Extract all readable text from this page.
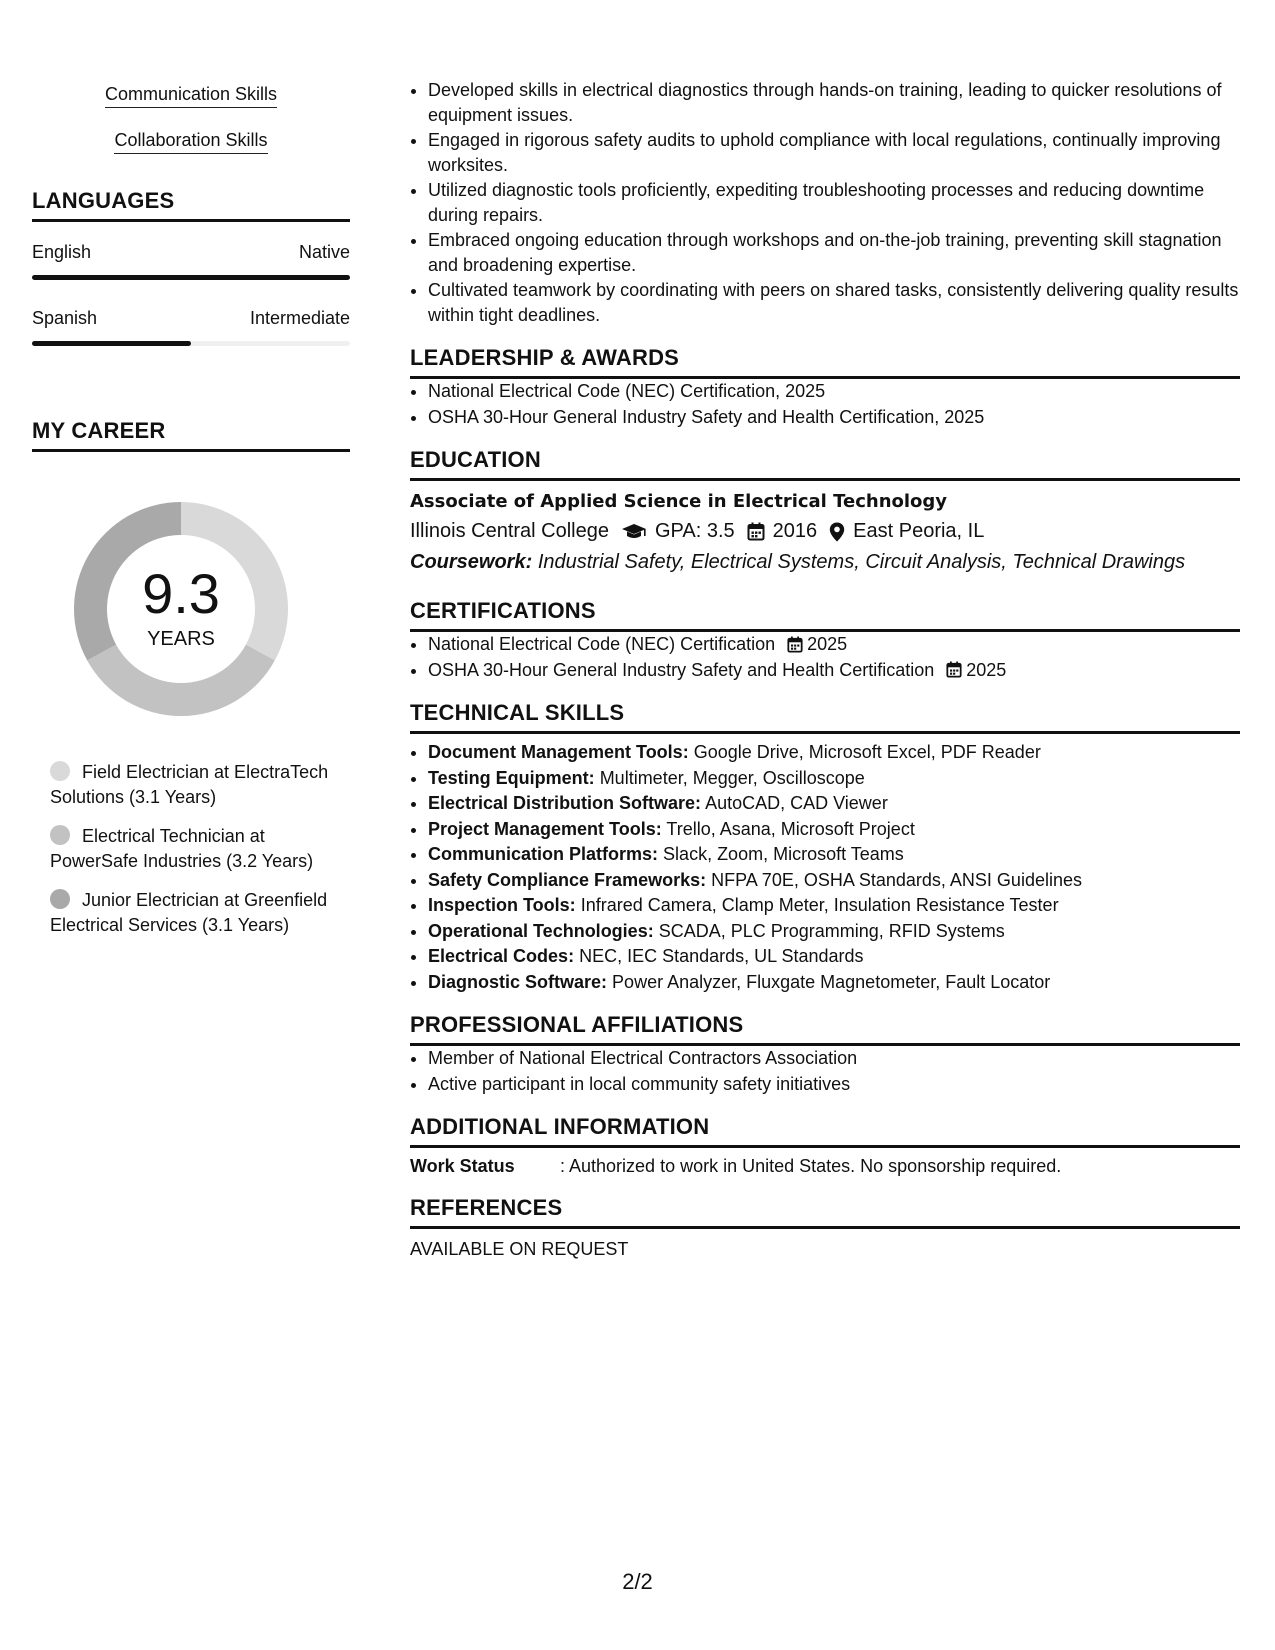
Communication Skills
Collaboration Skills
LANGUAGES
English	Native
Spanish	Intermediate
MY CAREER
9.3
YEARS
Field Electrician at ElectraTech Solutions (3.1 Years)
Electrical Technician at PowerSafe Industries (3.2 Years)
Junior Electrician at Greenfield Electrical Services (3.1 Years)
• Developed skills in electrical diagnostics through hands-on training, leading to quicker resolutions of equipment issues.
• Engaged in rigorous safety audits to uphold compliance with local regulations, continually improving worksites.
• Utilized diagnostic tools proficiently, expediting troubleshooting processes and reducing downtime during repairs.
• Embraced ongoing education through workshops and on-the-job training, preventing skill stagnation and broadening expertise.
• Cultivated teamwork by coordinating with peers on shared tasks, consistently delivering quality results within tight deadlines.
LEADERSHIP & AWARDS
• National Electrical Code (NEC) Certification, 2025
• OSHA 30-Hour General Industry Safety and Health Certification, 2025
EDUCATION
Associate of Applied Science in Electrical Technology
Illinois Central College GPA: 3.5 2016 East Peoria, IL
Coursework: Industrial Safety, Electrical Systems, Circuit Analysis, Technical Drawings
CERTIFICATIONS
• National Electrical Code (NEC) Certification 2025
• OSHA 30-Hour General Industry Safety and Health Certification 2025
TECHNICAL SKILLS
• Document Management Tools: Google Drive, Microsoft Excel, PDF Reader
• Testing Equipment: Multimeter, Megger, Oscilloscope
• Electrical Distribution Software: AutoCAD, CAD Viewer
• Project Management Tools: Trello, Asana, Microsoft Project
• Communication Platforms: Slack, Zoom, Microsoft Teams
• Safety Compliance Frameworks: NFPA 70E, OSHA Standards, ANSI Guidelines
• Inspection Tools: Infrared Camera, Clamp Meter, Insulation Resistance Tester
• Operational Technologies: SCADA, PLC Programming, RFID Systems
• Electrical Codes: NEC, IEC Standards, UL Standards
• Diagnostic Software: Power Analyzer, Fluxgate Magnetometer, Fault Locator
PROFESSIONAL AFFILIATIONS
• Member of National Electrical Contractors Association
• Active participant in local community safety initiatives
ADDITIONAL INFORMATION
Work Status	: Authorized to work in United States. No sponsorship required.
REFERENCES
AVAILABLE ON REQUEST
2/2
